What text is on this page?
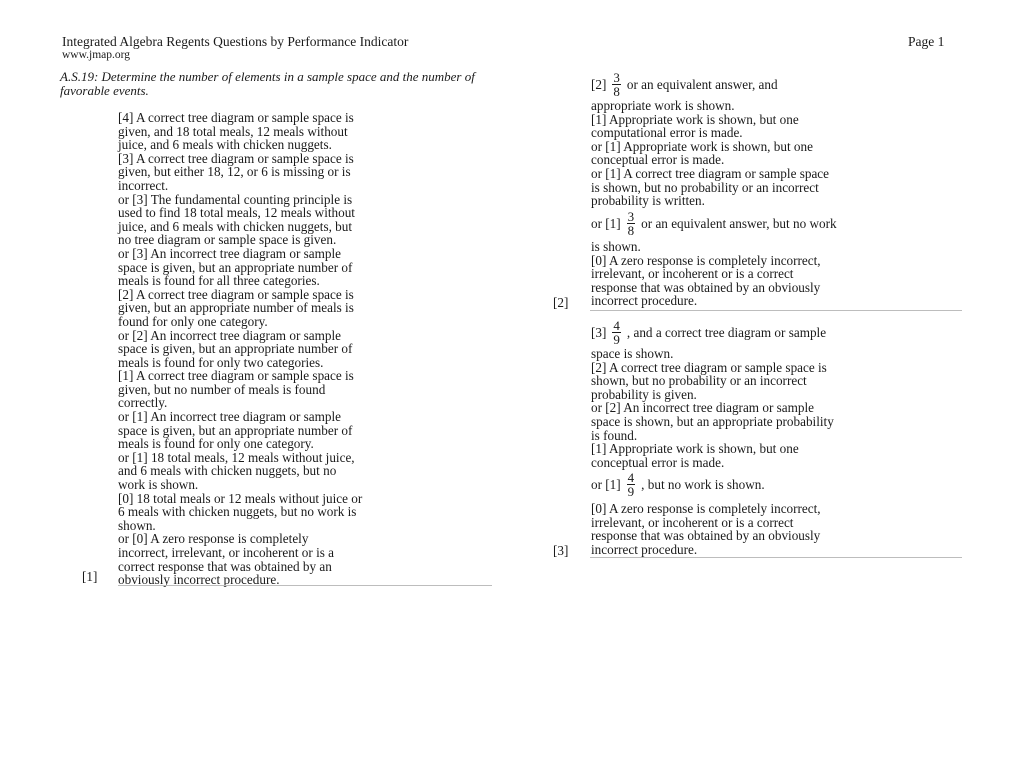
Integrated Algebra Regents Questions by Performance Indicator
www.jmap.org
Page 1
A.S.19: Determine the number of elements in a sample space and the number of favorable events.

[4] A correct tree diagram or sample space is

given, and 18 total meals, 12 meals without

juice, and 6 meals with chicken nuggets.

[3] A correct tree diagram or sample space is

given, but either 18, 12, or 6 is missing or is

incorrect.

or [3] The fundamental counting principle is

used to find 18 total meals, 12 meals without

juice, and 6 meals with chicken nuggets, but

no tree diagram or sample space is given.

or [3] An incorrect tree diagram or sample

space is given, but an appropriate number of

meals is found for all three categories.

[2] A correct tree diagram or sample space is

given, but an appropriate number of meals is

found for only one category.

or [2] An incorrect tree diagram or sample

space is given, but an appropriate number of

meals is found for only two categories.

[1] A correct tree diagram or sample space is

given, but no number of meals is found

correctly.

or [1] An incorrect tree diagram or sample

space is given, but an appropriate number of

meals is found for only one category.

or [1] 18 total meals, 12 meals without juice,

and 6 meals with chicken nuggets, but no

work is shown.

[0] 18 total meals or 12 meals without juice or

6 meals with chicken nuggets, but no work is

shown.

or [0] A zero response is completely

incorrect, irrelevant, or incoherent or is a

correct response that was obtained by an

obviously incorrect procedure.

[1]
$[2] \frac{3}{8}$ or an equivalent answer, and

appropriate work is shown.

[1] Appropriate work is shown, but one

computational error is made.

or [1] Appropriate work is shown, but one

conceptual error is made.

or [1] A correct tree diagram or sample space

is shown, but no probability or an incorrect

probability is written.

or $[1] \frac{3}{8}$ or an equivalent answer, but no work

is shown.

[0] A zero response is completely incorrect,

irrelevant, or incoherent or is a correct

response that was obtained by an obviously

incorrect procedure.

[2]
$[3] \frac{4}{9}$ , and a correct tree diagram or sample

space is shown.

[2] A correct tree diagram or sample space is

shown, but no probability or an incorrect

probability is given.

or [2] An incorrect tree diagram or sample

space is shown, but an appropriate probability

is found.

[1] Appropriate work is shown, but one

conceptual error is made.

or $[1] \frac{4}{9}$ , but no work is shown.

[0] A zero response is completely incorrect,

irrelevant, or incoherent or is a correct

response that was obtained by an obviously

incorrect procedure.

[3]
